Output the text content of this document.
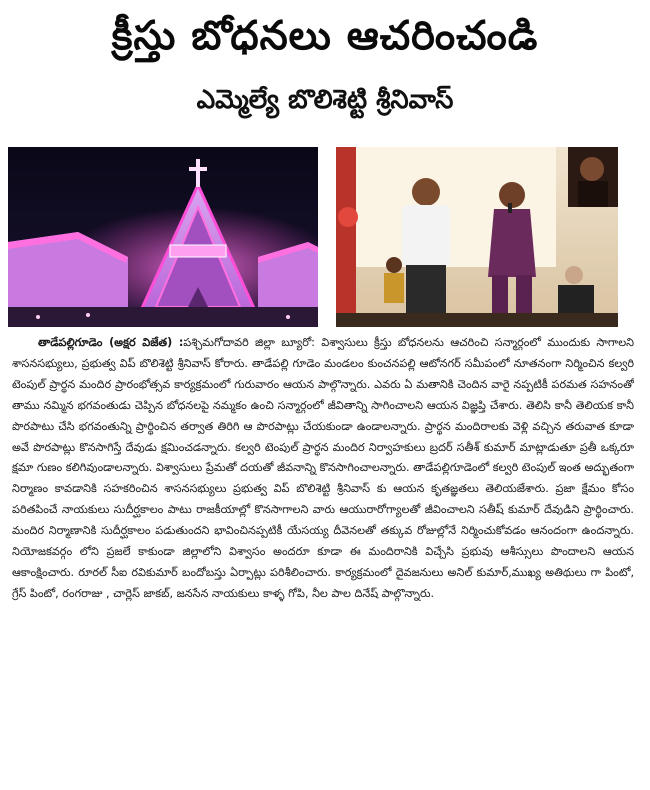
క్రీస్తు బోధనలు ఆచరించండి
ఎమ్మెల్యే బొలిశెట్టి శ్రీనివాస్

తాడేపల్లిగూడెం (అక్షర విజేత) :పశ్చిమగోదావరి జిల్లా బ్యూరో: విశ్వాసులు క్రీస్తు బోధనలను ఆచరించి సన్మార్గంలో ముందుకు సాగాలని శాసనసభ్యులు, ప్రభుత్వ విప్ బొలిశెట్టి శ్రీనివాస్ కోరారు. తాడేపల్లి గూడెం మండలం కుంచనపల్లి ఆటోనగర్ సమీపంలో నూతనంగా నిర్మించిన కల్వరి టెంపుల్ ప్రార్థన మందిర ప్రారంభోత్సవ కార్యక్రమంలో గురువారం ఆయన పాల్గొన్నారు. ఎవరు ఏ మతానికి చెందిన వారై నప్పటికీ పరమత సహనంతో తాము నమ్మిన భగవంతుడు చెప్పిన బోధనలపై నమ్మకం ఉంచి సన్మార్గంలో జీవితాన్ని సాగించాలని ఆయన విజ్ఞప్తి చేశారు. తెలిసి కానీ తెలియక కానీ పొరపాటు చేసి భగవంతున్ని ప్రార్థించిన తర్వాత తిరిగి ఆ పొరపాట్లు చేయకుండా ఉండాలన్నారు. ప్రార్థన మందిరాలకు వెళ్లి వచ్చిన తరువాత కూడా అవే పొరపాట్లు కొనసాగిస్తే దేవుడు క్షమించడన్నారు. కల్వరి టెంపుల్ ప్రార్థన మందిర నిర్వాహకులు బ్రదర్ సతీశ్ కుమార్ మాట్లాడుతూ ప్రతీ ఒక్కరూ క్షమా గుణం కలిగివుండాలన్నారు. విశ్వాసులు ప్రేమతో దయతో జీవనాన్ని కొనసాగించాలన్నారు. తాడేపల్లిగూడెంలో కల్వరి టెంపుల్ ఇంత అద్భుతంగా నిర్మాణం కావడానికి సహకరించిన శాసనసభ్యులు ప్రభుత్వ విప్ బొలిశెట్టి శ్రీనివాస్ కు ఆయన కృతజ్ఞతలు తెలియజేశారు. ప్రజా క్షేమం కోసం పరితపించే నాయకులు సుదీర్ఘకాలం పాటు రాజకీయాల్లో కొనసాగాలని వారు ఆయురారోగ్యాలతో జీవించాలని సతీష్ కుమార్ దేవుడిని ప్రార్థించారు. మందిర నిర్మాణానికి సుదీర్ఘకాలం పడుతుందని భావించినప్పటికీ యేసయ్య దీవెనలతో తక్కువ రోజుల్లోనే నిర్మించుకోవడం ఆనందంగా ఉందన్నారు. నియోజకవర్గం లోని ప్రజలే కాకుండా జిల్లాలోని విశ్వాసం అందరూ కూడా ఈ మందిరానికి విచ్చేసి ప్రభువు ఆశీస్సులు పొందాలని ఆయన ఆకాంక్షించారు. రూరల్ సీఐ రవికుమార్ బందోబస్తు ఏర్పాట్లు పరిశీలించారు. కార్యక్రమంలో దైవజనులు అనిల్ కుమార్,ముఖ్య అతిథులు గా పింటో, గ్రేస్ పింటో, రంగరాజు , చార్లెస్ జాకబ్, జనసేన నాయకులు కాళ్ళ గోపి, నీల పాల దినేష్ పాల్గొన్నారు.
